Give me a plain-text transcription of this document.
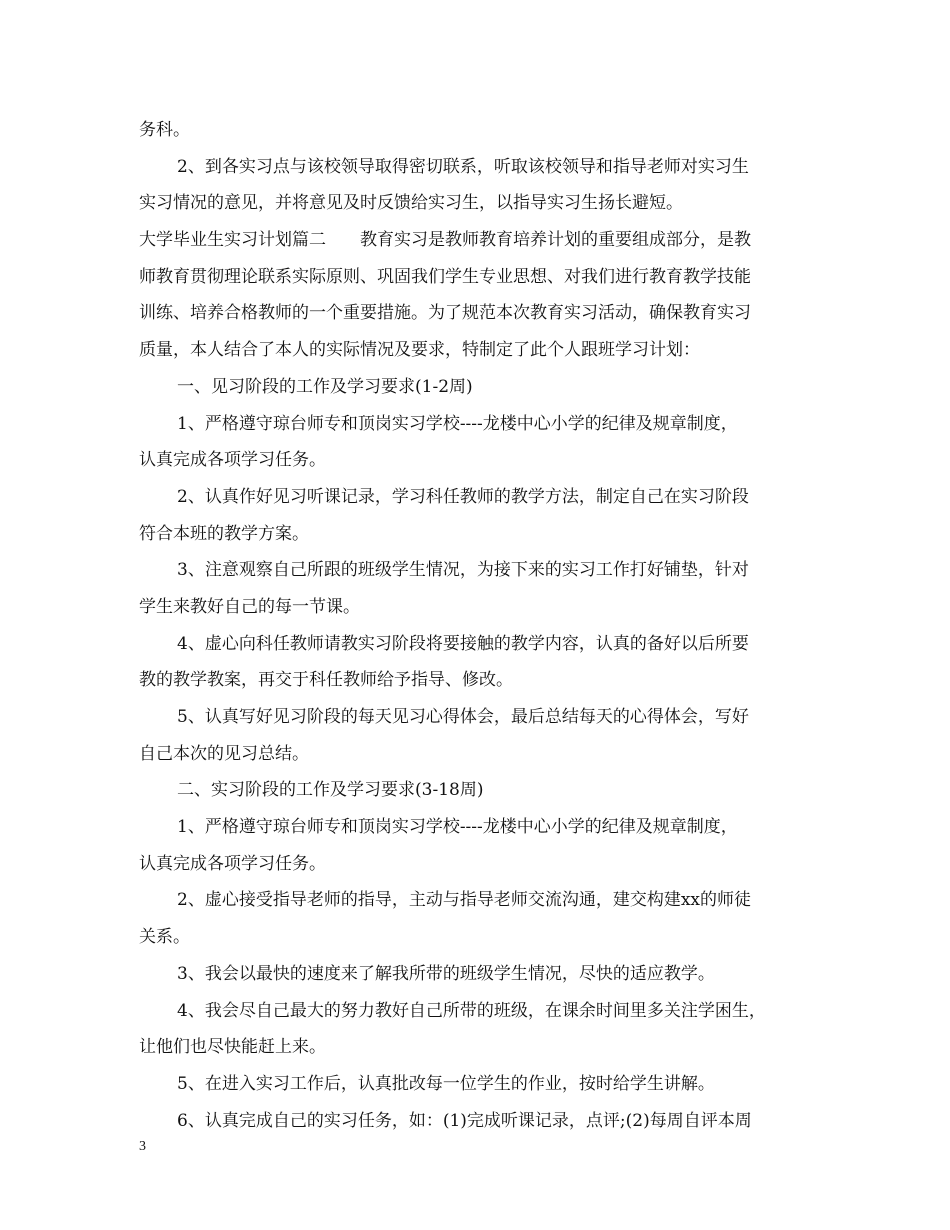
务科。
2、到各实习点与该校领导取得密切联系，听取该校领导和指导老师对实习生
实习情况的意见，并将意见及时反馈给实习生，以指导实习生扬长避短。
大学毕业生实习计划篇二　　教育实习是教师教育培养计划的重要组成部分，是教
师教育贯彻理论联系实际原则、巩固我们学生专业思想、对我们进行教育教学技能
训练、培养合格教师的一个重要措施。为了规范本次教育实习活动，确保教育实习
质量，本人结合了本人的实际情况及要求，特制定了此个人跟班学习计划：
一、见习阶段的工作及学习要求(1-2周)
1、严格遵守琼台师专和顶岗实习学校----龙楼中心小学的纪律及规章制度，
认真完成各项学习任务。
2、认真作好见习听课记录，学习科任教师的教学方法，制定自己在实习阶段
符合本班的教学方案。
3、注意观察自己所跟的班级学生情况，为接下来的实习工作打好铺垫，针对
学生来教好自己的每一节课。
4、虚心向科任教师请教实习阶段将要接触的教学内容，认真的备好以后所要
教的教学教案，再交于科任教师给予指导、修改。
5、认真写好见习阶段的每天见习心得体会，最后总结每天的心得体会，写好
自己本次的见习总结。
二、实习阶段的工作及学习要求(3-18周)
1、严格遵守琼台师专和顶岗实习学校----龙楼中心小学的纪律及规章制度，
认真完成各项学习任务。
2、虚心接受指导老师的指导，主动与指导老师交流沟通，建交构建xx的师徒
关系。
3、我会以最快的速度来了解我所带的班级学生情况，尽快的适应教学。
4、我会尽自己最大的努力教好自己所带的班级，在课余时间里多关注学困生，
让他们也尽快能赶上来。
5、在进入实习工作后，认真批改每一位学生的作业，按时给学生讲解。
6、认真完成自己的实习任务，如：(1)完成听课记录，点评;(2)每周自评本周
3
